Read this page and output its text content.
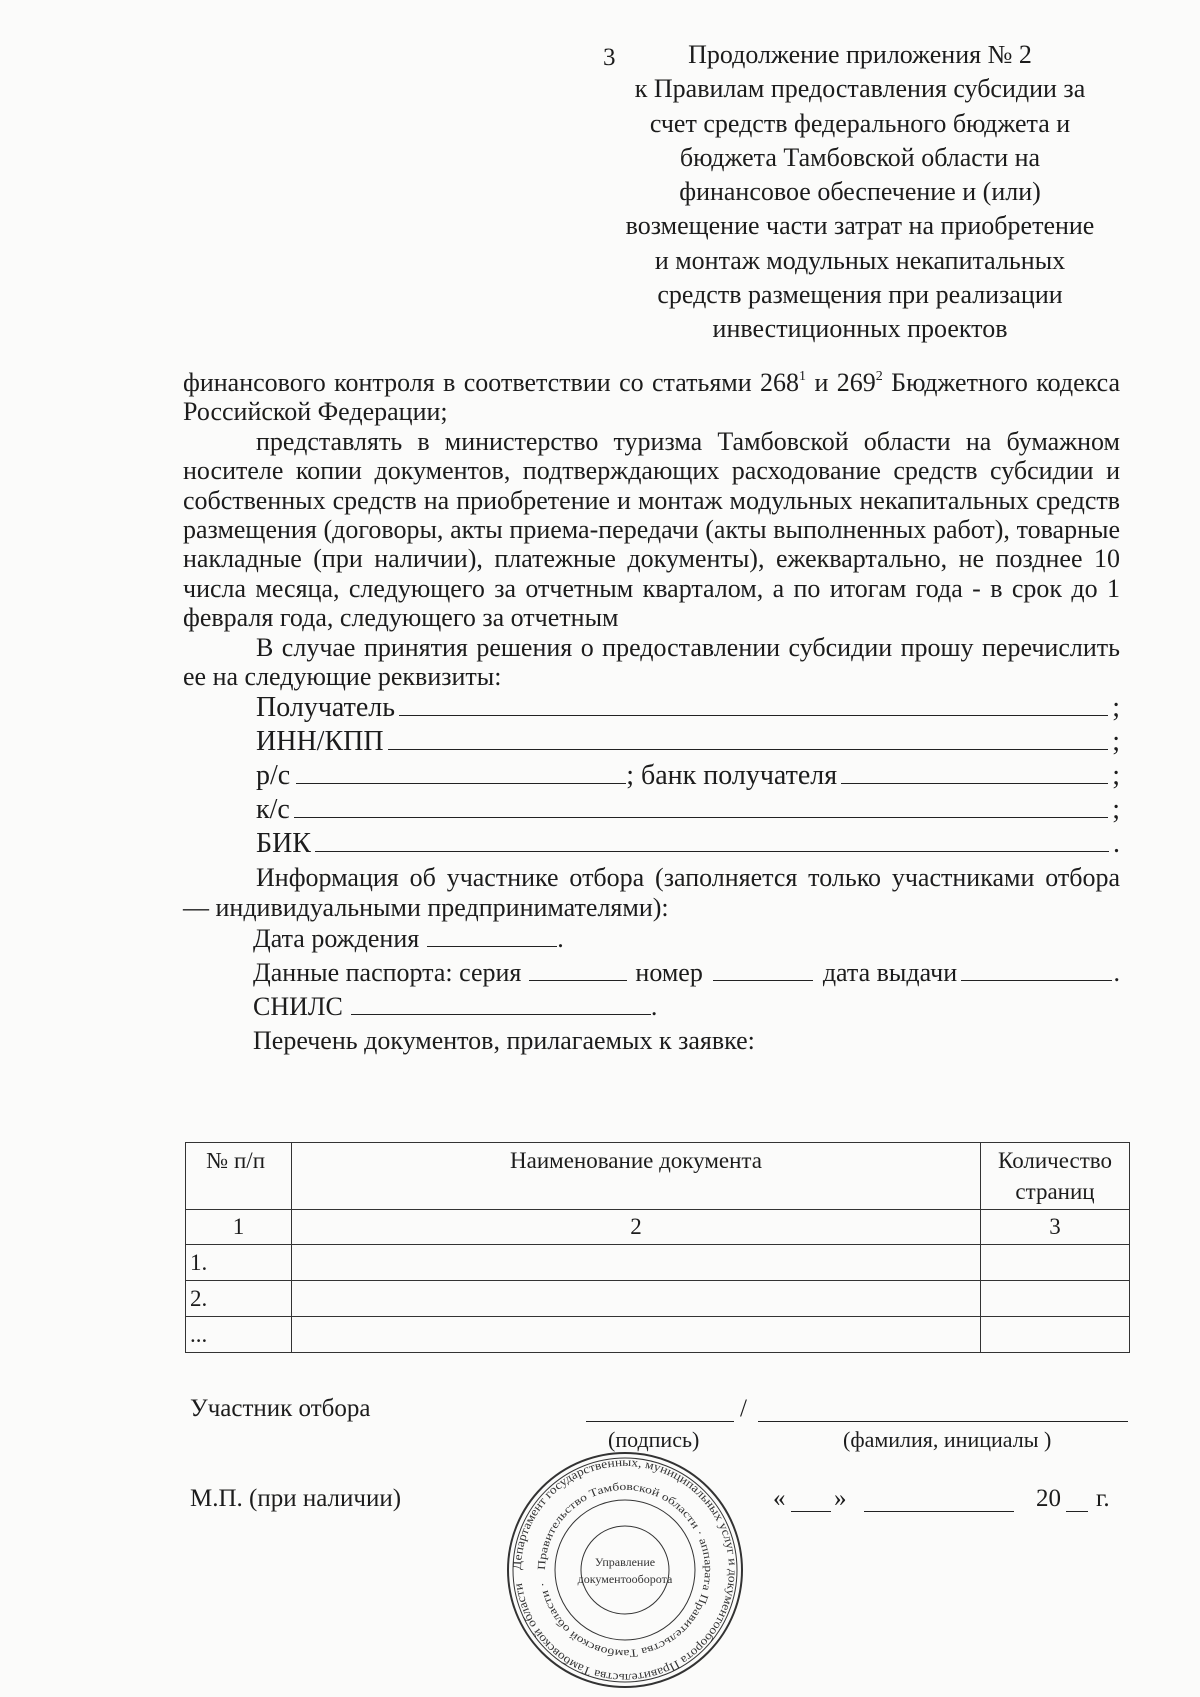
3	Продолжение приложения № 2
к Правилам предоставления субсидии за
счет средств федерального бюджета и
бюджета Тамбовской области на
финансовое обеспечение и (или)
возмещение части затрат на приобретение
и монтаж модульных некапитальных
средств размещения при реализации
инвестиционных проектов

финансового контроля в соответствии со статьями $268^1$ и $269^2$ Бюджетного кодекса Российской Федерации;

представлять в министерство туризма Тамбовской области на бумажном носителе копии документов, подтверждающих расходование средств субсидии и собственных средств на приобретение и монтаж модульных некапитальных средств размещения (договоры, акты приема-передачи (акты выполненных работ), товарные накладные (при наличии), платежные документы), ежеквартально, не позднее 10 числа месяца, следующего за отчетным кварталом, а по итогам года - в срок до 1 февраля года, следующего за отчетным

В случае принятия решения о предоставлении субсидии прошу перечислить ее на следующие реквизиты:

Получатель	;
ИНН/КПП	;
р/с	; банк получателя	;
к/с	;
БИК	.

Информация об участнике отбора (заполняется только участниками отбора — индивидуальными предпринимателями):

Дата рождения	.
Данные паспорта: серия	номер	дата выдачи	.
СНИЛС	.
Перечень документов, прилагаемых к заявке:
№ п/п	Наименование документа	Количество страниц
1	2	3
1.		
2.		
...		
Участник отбора	/
(подпись)	(фамилия, инициалы )
М.П. (при наличии)	« »	20 г.
Департамент государственных, муниципальных услуг и документооборота Правительства Тамбовской области
Правительство Тамбовской области · аппарата Правительства Тамбовской области ·
Управление
документооборота
